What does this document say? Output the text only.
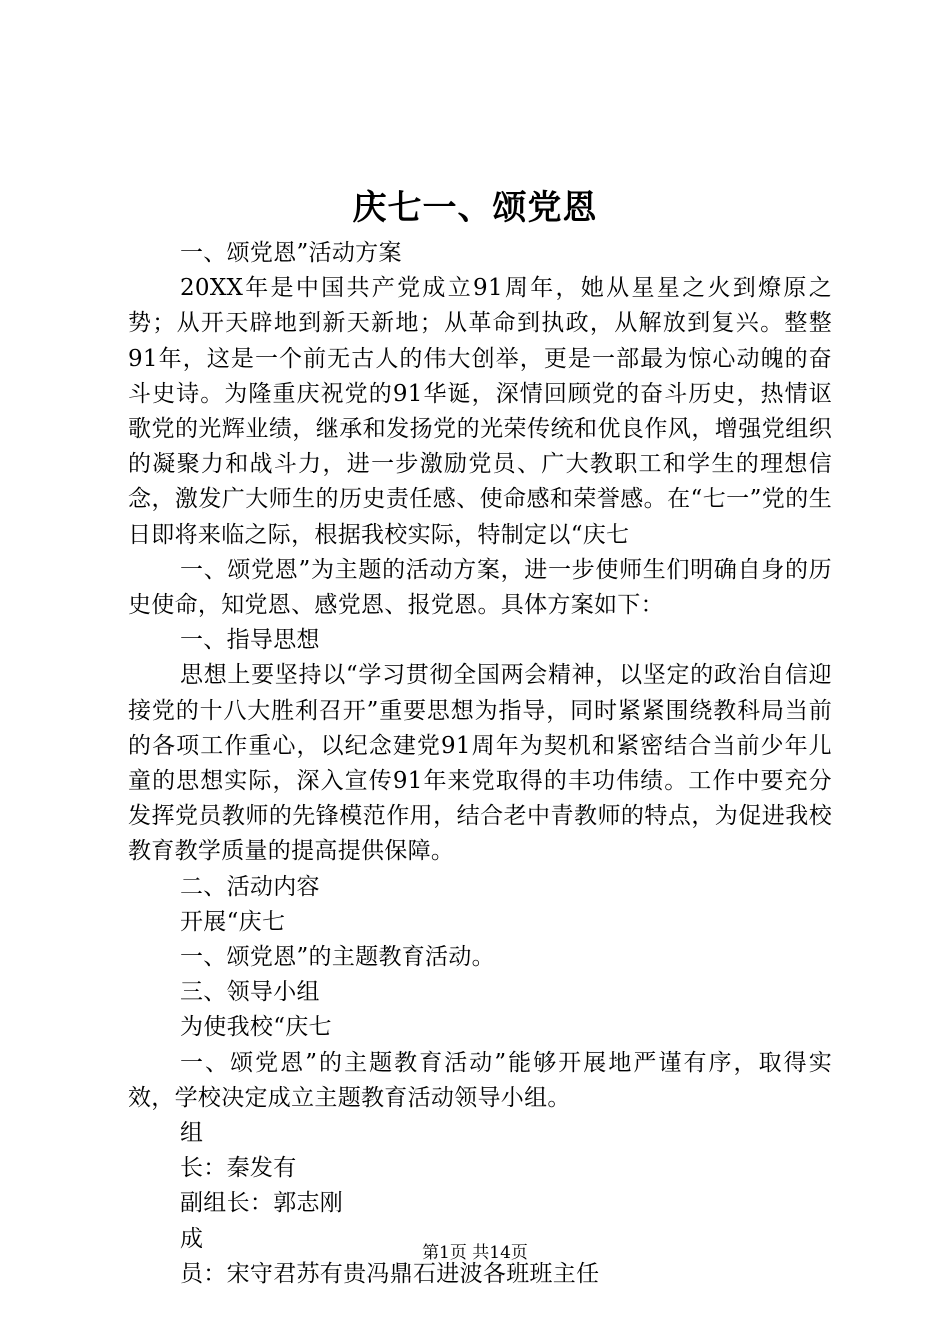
庆七一、颂党恩

一、颂党恩”活动方案

20XX年是中国共产党成立91周年，她从星星之火到燎原之势；从开天辟地到新天新地；从革命到执政，从解放到复兴。整整91年，这是一个前无古人的伟大创举，更是一部最为惊心动魄的奋斗史诗。为隆重庆祝党的91华诞，深情回顾党的奋斗历史，热情讴歌党的光辉业绩，继承和发扬党的光荣传统和优良作风，增强党组织的凝聚力和战斗力，进一步激励党员、广大教职工和学生的理想信念，激发广大师生的历史责任感、使命感和荣誉感。在“七一”党的生日即将来临之际，根据我校实际，特制定以“庆七

一、颂党恩”为主题的活动方案，进一步使师生们明确自身的历史使命，知党恩、感党恩、报党恩。具体方案如下：

一、指导思想

思想上要坚持以“学习贯彻全国两会精神，以坚定的政治自信迎接党的十八大胜利召开”重要思想为指导，同时紧紧围绕教科局当前的各项工作重心，以纪念建党91周年为契机和紧密结合当前少年儿童的思想实际，深入宣传91年来党取得的丰功伟绩。工作中要充分发挥党员教师的先锋模范作用，结合老中青教师的特点，为促进我校教育教学质量的提高提供保障。

二、活动内容

开展“庆七

一、颂党恩”的主题教育活动。

三、领导小组

为使我校“庆七

一、颂党恩”的主题教育活动”能够开展地严谨有序，取得实效，学校决定成立主题教育活动领导小组。

组

长：秦发有

副组长：郭志刚

成

员：宋守君苏有贵冯鼎石进波各班班主任

第1页 共14页
